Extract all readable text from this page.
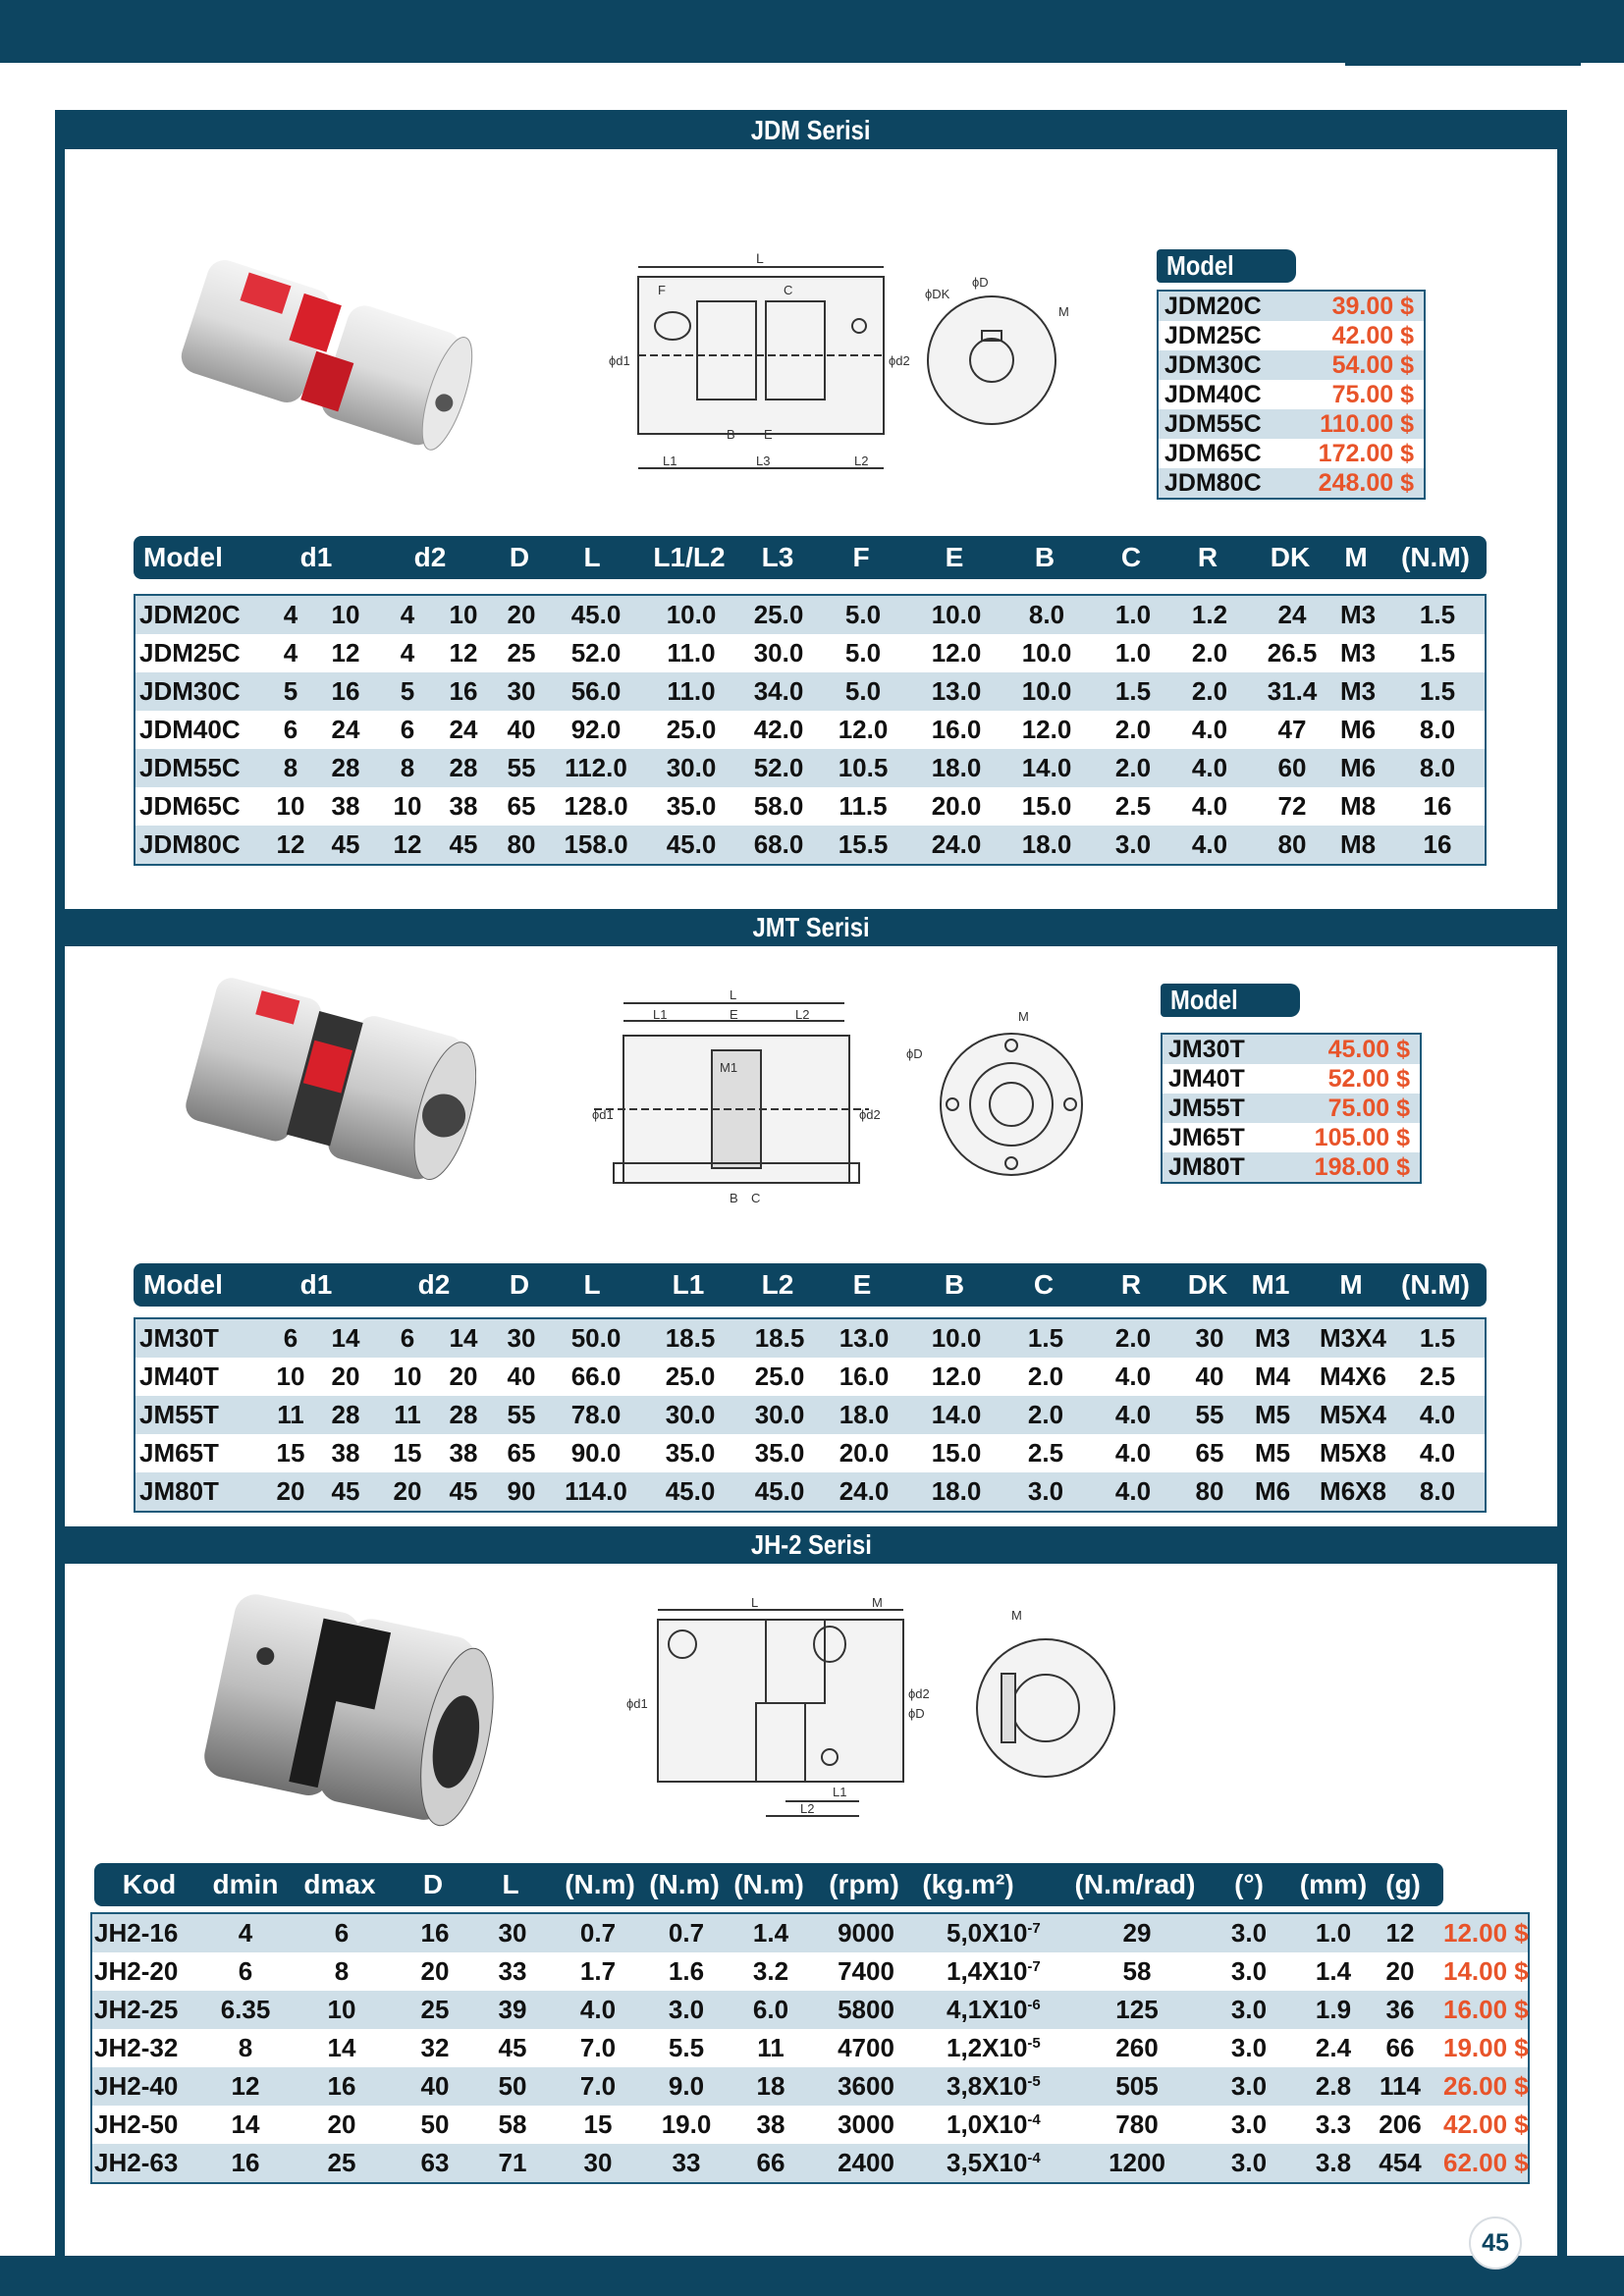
JDM Serisi
L
F	C
ϕd1	ϕd2
B E
L1	L3	L2
ϕDK
ϕD
M
Model
JDM20C	39.00 $
JDM25C	42.00 $
JDM30C	54.00 $
JDM40C	75.00 $
JDM55C	110.00 $
JDM65C	172.00 $
JDM80C	248.00 $
Model	d1	d2 D L L1/L2 L3 F	E	B C R DK M (N.M)
JDM20C 4 10 4 10 20 45.0 10.0 25.0 5.0 10.0 8.0 1.0 1.2 24 M3 1.5
JDM25C 4 12 4 12 25 52.0 11.0 30.0 5.0 12.0 10.0 1.0 2.0 26.5 M3 1.5
JDM30C 5 16 5 16 30 56.0 11.0 34.0 5.0 13.0 10.0 1.5 2.0 31.4 M3 1.5
JDM40C 6 24 6 24 40 92.0 25.0 42.0 12.0 16.0 12.0 2.0 4.0 47 M6 8.0
JDM55C 8 28 8 28 55 112.0 30.0 52.0 10.5 18.0 14.0 2.0 4.0 60 M6 8.0
JDM65C 10 38 10 38 65 128.0 35.0 58.0 11.5 20.0 15.0 2.5 4.0 72 M8 16
JDM80C 12 45 12 45 80 158.0 45.0 68.0 15.5 24.0 18.0 3.0 4.0 80 M8 16
JMT Serisi
L
L1	E	L2
M1
ϕd1	ϕd2
B C
ϕD
M
Model
JM30T	45.00 $
JM40T	52.00 $
JM55T	75.00 $
JM65T	105.00 $
JM80T	198.00 $
Model	d1	d2 D L	L1 L2 E	B	C R DK M1 M (N.M)
JM30T	6 14 6 14 30 50.0 18.5 18.5 13.0 10.0 1.5 2.0 30 M3 M3X4 1.5
JM40T 10 20 10 20 40 66.0 25.0 25.0 16.0 12.0 2.0 4.0 40 M4 M4X6 2.5
JM55T 11 28 11 28 55 78.0 30.0 30.0 18.0 14.0 2.0 4.0 55 M5 M5X4 4.0
JM65T 15 38 15 38 65 90.0 35.0 35.0 20.0 15.0 2.5 4.0 65 M5 M5X8 4.0
JM80T 20 45 20 45 90 114.0 45.0 45.0 24.0 18.0 3.0 4.0 80 M6 M6X8 8.0
JH-2 Serisi
L	M
ϕd1
ϕd2
ϕD
L1
L2
M
Kod dmin dmax D L (N.m) (N.m) (N.m) (rpm) (kg.m²) (N.m/rad) (°) (mm) (g)
JH2-16 4	6	16 30 0.7 0.7 1.4 9000 $5,0X10^{-7}$	29	3.0 1.0 12 12.00 $
JH2-20 6	8	20 33 1.7 1.6 3.2 7400 $1,4X10^{-7}$	58	3.0 1.4 20 14.00 $
JH2-25 6.35 10	25 39 4.0 3.0 6.0 5800 $4,1X10^{-6}$	125	3.0 1.9 36 16.00 $
JH2-32 8	14	32 45 7.0 5.5 11 4700 $1,2X10^{-5}$	260	3.0 2.4 66 19.00 $
JH2-40 12	16	40 50 7.0 9.0 18 3600 $3,8X10^{-5}$	505	3.0 2.8 114 26.00 $
JH2-50 14	20	50 58 15 19.0 38 3000 $1,0X10^{-4}$	780	3.0 3.3 206 42.00 $
JH2-63 16	25	63 71 30 33 66 2400 $3,5X10^{-4}$	1200	3.0 3.8 454 62.00 $
45
